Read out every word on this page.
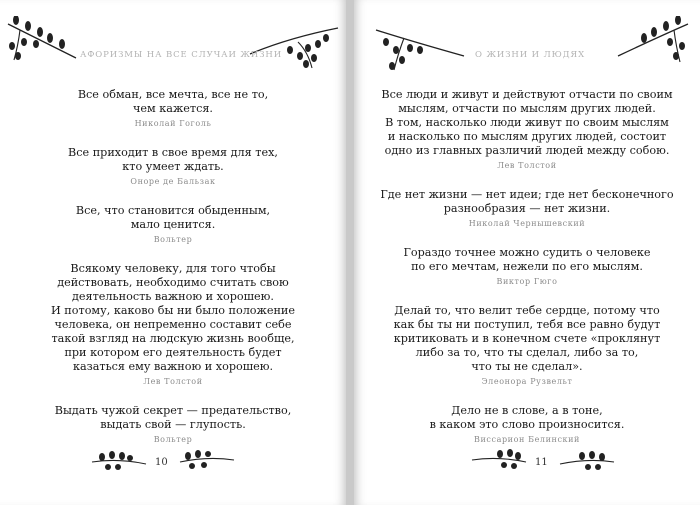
АФОРИЗМЫ НА ВСЕ СЛУЧАИ ЖИЗНИ
Все обман, все мечта, все не то,
чем кажется.
Николай Гоголь
Все приходит в свое время для тех,
кто умеет ждать.
Оноре де Бальзак
Все, что становится обыденным,
мало ценится.
Вольтер
Всякому человеку, для того чтобы
действовать, необходимо считать свою
деятельность важною и хорошею.
И потому, каково бы ни было положение
человека, он непременно составит себе
такой взгляд на людскую жизнь вообще,
при котором его деятельность будет
казаться ему важною и хорошею.
Лев Толстой
Выдать чужой секрет — предательство,
выдать свой — глупость.
Вольтер
10
О ЖИЗНИ И ЛЮДЯХ
Все люди и живут и действуют отчасти по своим
мыслям, отчасти по мыслям других людей.
В том, насколько люди живут по своим мыслям
и насколько по мыслям других людей, состоит
одно из главных различий людей между собою.
Лев Толстой
Где нет жизни — нет идеи; где нет бесконечного
разнообразия — нет жизни.
Николай Чернышевский
Гораздо точнее можно судить о человеке
по его мечтам, нежели по его мыслям.
Виктор Гюго
Делай то, что велит тебе сердце, потому что
как бы ты ни поступил, тебя все равно будут
критиковать и в конечном счете «проклянут
либо за то, что ты сделал, либо за то,
что ты не сделал».
Элеонора Рузвельт
Дело не в слове, а в тоне,
в каком это слово произносится.
Виссарион Белинский
11
